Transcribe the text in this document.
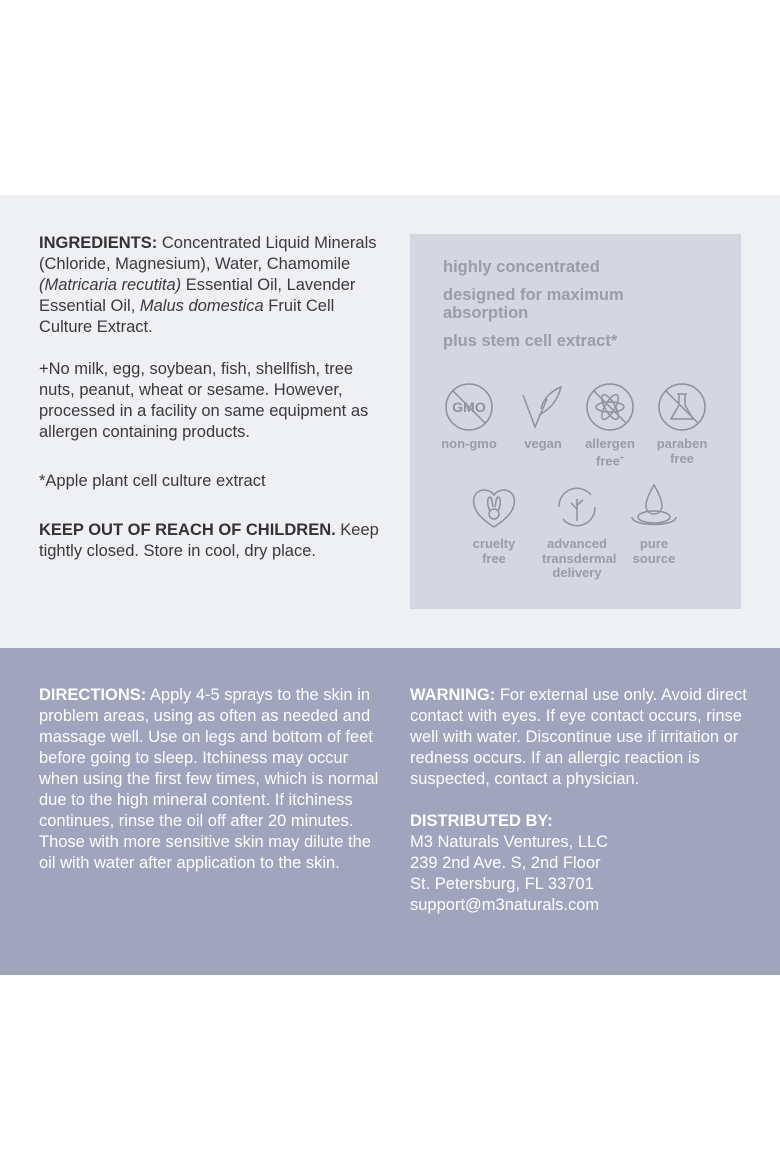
INGREDIENTS: Concentrated Liquid Minerals (Chloride, Magnesium), Water, Chamomile (Matricaria recutita) Essential Oil, Lavender Essential Oil, Malus domestica Fruit Cell Culture Extract.

+No milk, egg, soybean, fish, shellfish, tree nuts, peanut, wheat or sesame. However, processed in a facility on same equipment as allergen containing products.

*Apple plant cell culture extract

KEEP OUT OF REACH OF CHILDREN. Keep tightly closed. Store in cool, dry place.

highly concentrated
designed for maximum absorption
plus stem cell extract*
GMO
non-gmo	vegan	allergen
free+
paraben
free
cruelty free
advanced
transdermal
delivery
pure
source
DIRECTIONS: Apply 4-5 sprays to the skin in problem areas, using as often as needed and massage well. Use on legs and bottom of feet before going to sleep. Itchiness may occur when using the first few times, which is normal due to the high mineral content. If itchiness continues, rinse the oil off after 20 minutes. Those with more sensitive skin may dilute the oil with water after application to the skin.

WARNING: For external use only. Avoid direct contact with eyes. If eye contact occurs, rinse well with water. Discontinue use if irritation or redness occurs. If an allergic reaction is suspected, contact a physician.

DISTRIBUTED BY:
M3 Naturals Ventures, LLC
239 2nd Ave. S, 2nd Floor
St. Petersburg, FL 33701
support@m3naturals.com
